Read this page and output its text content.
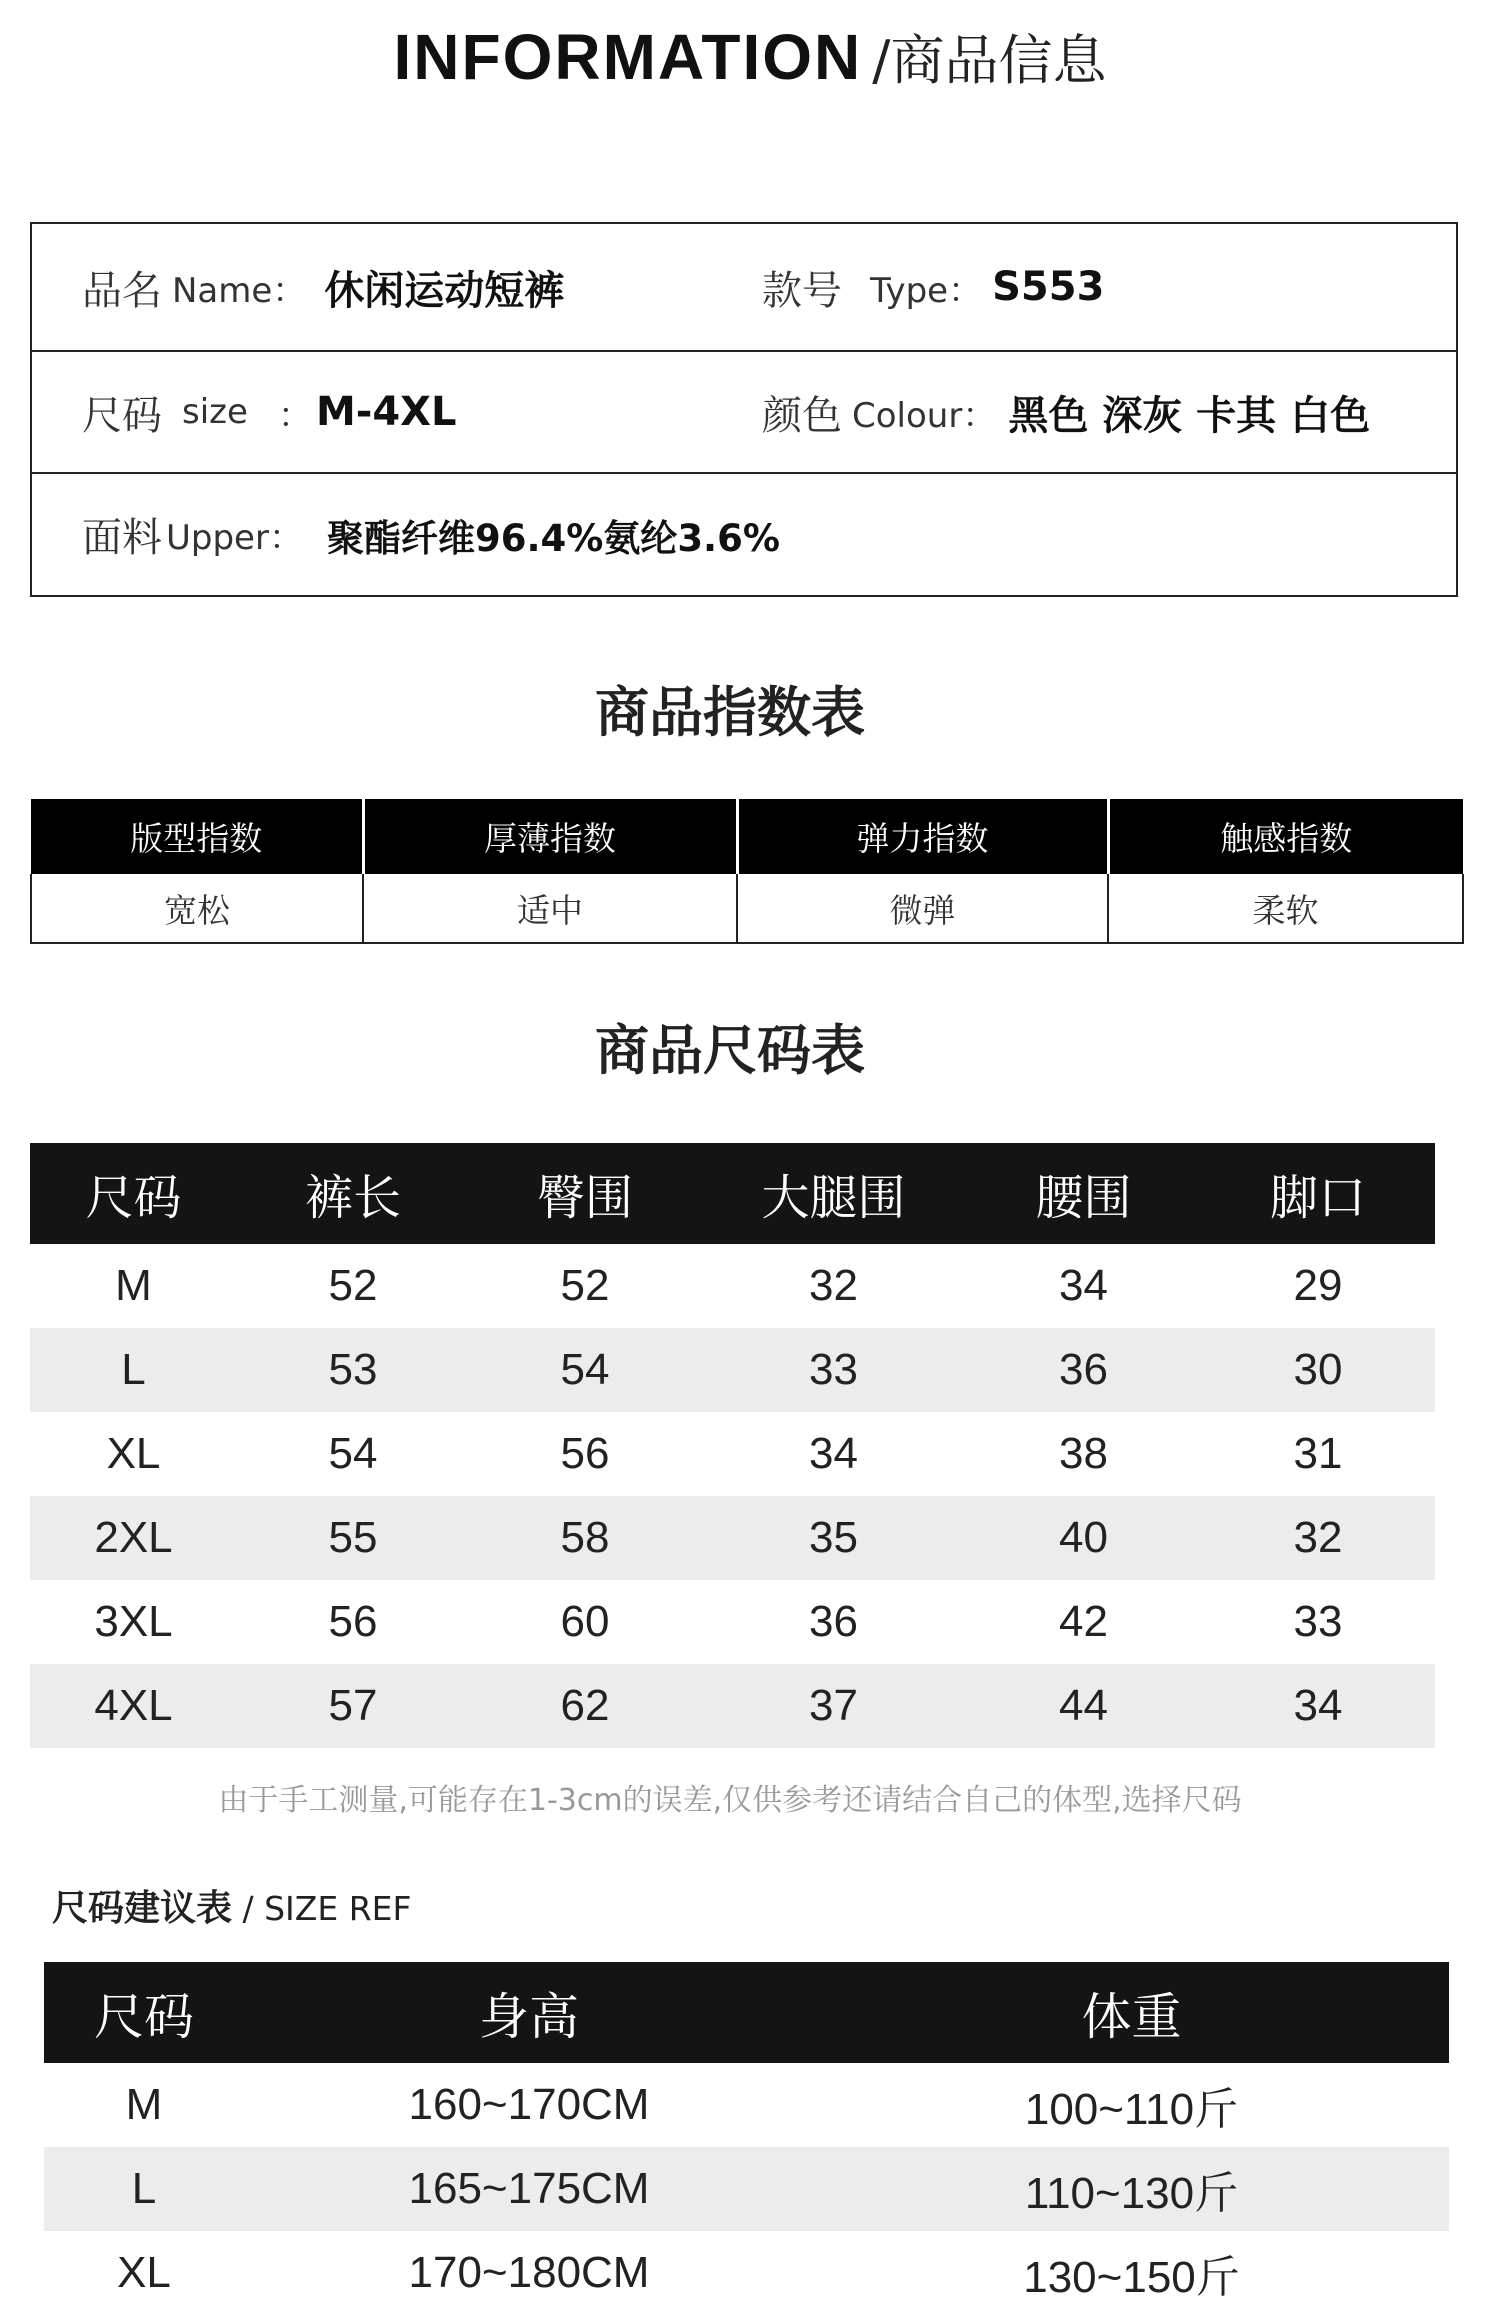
INFORMATION /商品信息
品名 Name： 休闲运动短裤	款号 Type： S553
尺码 size ： M-4XL	颜色 Colour： 黑色 深灰 卡其 白色
面料 Upper： 聚酯纤维96.4%氨纶3.6%
商品指数表
版型指数	厚薄指数	弹力指数	触感指数
宽松	适中	微弹	柔软
商品尺码表
尺码	裤长	臀围	大腿围	腰围	脚口
M	52	52	32	34	29
L	53	54	33	36	30
XL	54	56	34	38	31
2XL	55	58	35	40	32
3XL	56	60	36	42	33
4XL	57	62	37	44	34
由于手工测量,可能存在1-3cm的误差,仅供参考还请结合自己的体型,选择尺码
尺码建议表 / SIZE REF
尺码	身高	体重
M	160~170CM	100~110斤
L	165~175CM	110~130斤
XL	170~180CM	130~150斤
